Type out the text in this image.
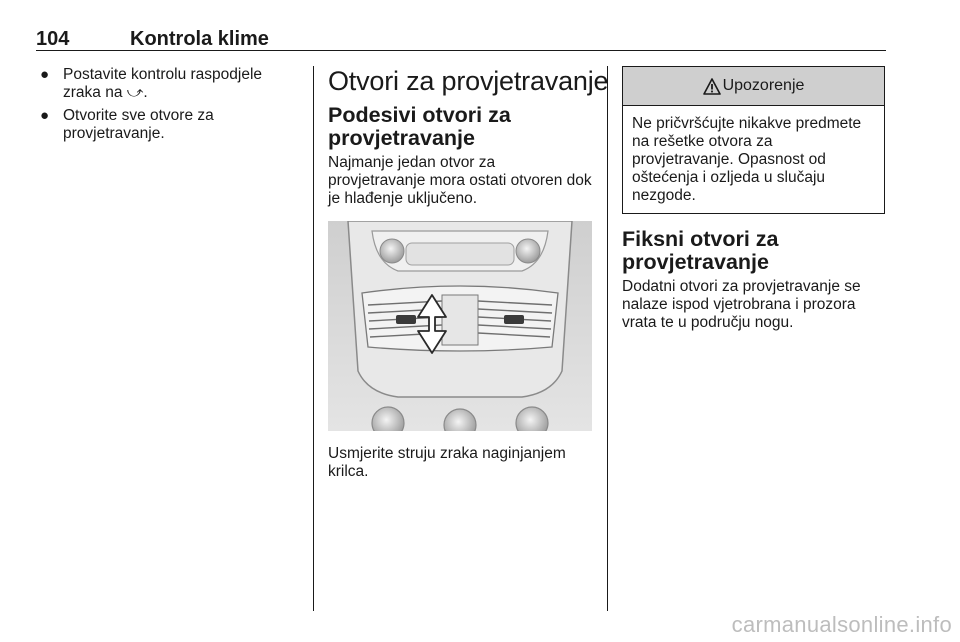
104	Kontrola klime
● Postavite kontrolu raspodjele zraka na ⤻.
● Otvorite sve otvore za provjetravanje.
Otvori za provjetravanje
Podesivi otvori za provjetravanje

Najmanje jedan otvor za provjetravanje mora ostati otvoren dok je hlađenje uključeno.

Usmjerite struju zraka naginjanjem krilca.

Upozorenje
Ne pričvršćujte nikakve predmete na rešetke otvora za provjetravanje. Opasnost od oštećenja i ozljeda u slučaju nezgode.
Fiksni otvori za provjetravanje

Dodatni otvori za provjetravanje se nalaze ispod vjetrobrana i prozora vrata te u području nogu.

carmanualsonline.info
